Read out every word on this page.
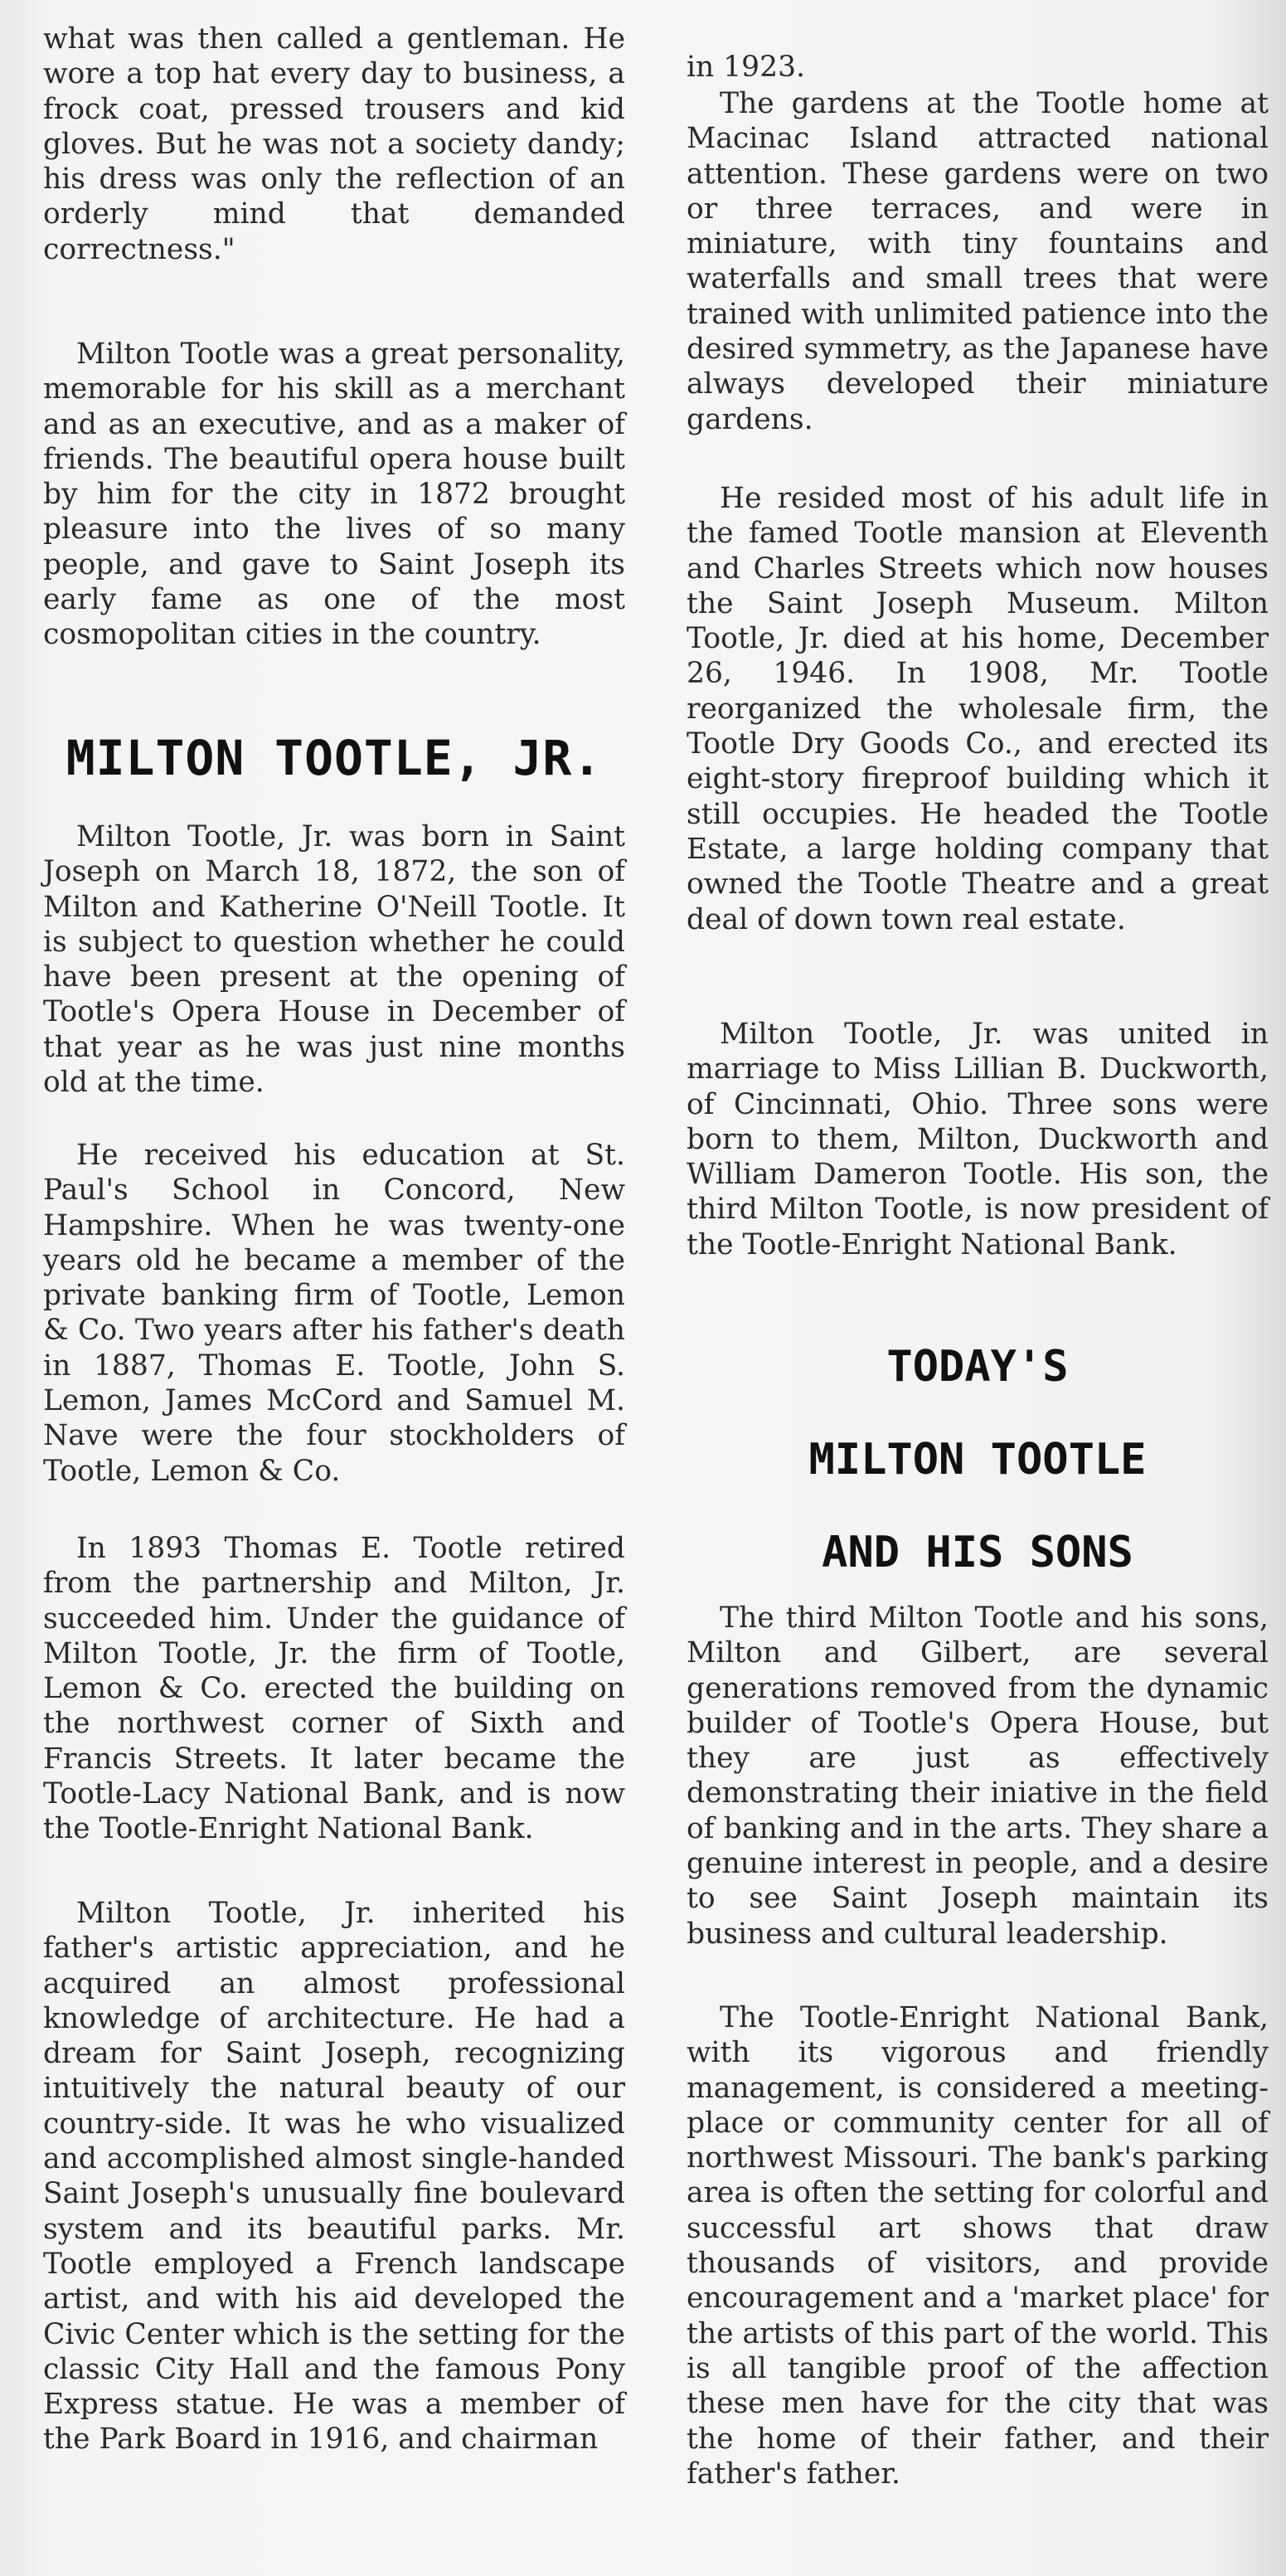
what was then called a gentleman. He wore a top hat every day to business, a frock coat, pressed trousers and kid gloves. But he was not a society dandy; his dress was only the reflection of an orderly mind that demanded correctness."

Milton Tootle was a great personality, memorable for his skill as a merchant and as an executive, and as a maker of friends. The beautiful opera house built by him for the city in 1872 brought pleasure into the lives of so many people, and gave to Saint Joseph its early fame as one of the most cosmopolitan cities in the country.

Milton Tootle, Jr. was born in Saint Joseph on March 18, 1872, the son of Milton and Katherine O'Neill Tootle. It is subject to question whether he could have been present at the opening of Tootle's Opera House in December of that year as he was just nine months old at the time.

He received his education at St. Paul's School in Concord, New Hampshire. When he was twenty-one years old he became a member of the private banking firm of Tootle, Lemon & Co. Two years after his father's death in 1887, Thomas E. Tootle, John S. Lemon, James McCord and Samuel M. Nave were the four stockholders of Tootle, Lemon & Co.

In 1893 Thomas E. Tootle retired from the partnership and Milton, Jr. succeeded him. Under the guidance of Milton Tootle, Jr. the firm of Tootle, Lemon & Co. erected the building on the northwest corner of Sixth and Francis Streets. It later became the Tootle-Lacy National Bank, and is now the Tootle-Enright National Bank.

Milton Tootle, Jr. inherited his father's artistic appreciation, and he acquired an almost professional knowledge of architecture. He had a dream for Saint Joseph, recognizing intuitively the natural beauty of our country-side. It was he who visualized and accomplished almost single-handed Saint Joseph's unusually fine boulevard system and its beautiful parks. Mr. Tootle employed a French landscape artist, and with his aid developed the Civic Center which is the setting for the classic City Hall and the famous Pony Express statue. He was a member of the Park Board in 1916, and chairman

MILTON TOOTLE, JR.

in 1923.

The gardens at the Tootle home at Macinac Island attracted national attention. These gardens were on two or three terraces, and were in miniature, with tiny fountains and waterfalls and small trees that were trained with unlimited patience into the desired symmetry, as the Japanese have always developed their miniature gardens.

He resided most of his adult life in the famed Tootle mansion at Eleventh and Charles Streets which now houses the Saint Joseph Museum. Milton Tootle, Jr. died at his home, December 26, 1946. In 1908, Mr. Tootle reorganized the wholesale firm, the Tootle Dry Goods Co., and erected its eight-story fireproof building which it still occupies. He headed the Tootle Estate, a large holding company that owned the Tootle Theatre and a great deal of down town real estate.

Milton Tootle, Jr. was united in marriage to Miss Lillian B. Duckworth, of Cincinnati, Ohio. Three sons were born to them, Milton, Duckworth and William Dameron Tootle. His son, the third Milton Tootle, is now president of the Tootle-Enright National Bank.

The third Milton Tootle and his sons, Milton and Gilbert, are several generations removed from the dynamic builder of Tootle's Opera House, but they are just as effectively demonstrating their iniative in the field of banking and in the arts. They share a genuine interest in people, and a desire to see Saint Joseph maintain its business and cultural leadership.

The Tootle-Enright National Bank, with its vigorous and friendly management, is considered a meeting-place or community center for all of northwest Missouri. The bank's parking area is often the setting for colorful and successful art shows that draw thousands of visitors, and provide encouragement and a 'market place' for the artists of this part of the world. This is all tangible proof of the affection these men have for the city that was the home of their father, and their father's father.

TODAY'S
MILTON TOOTLE
AND HIS SONS
